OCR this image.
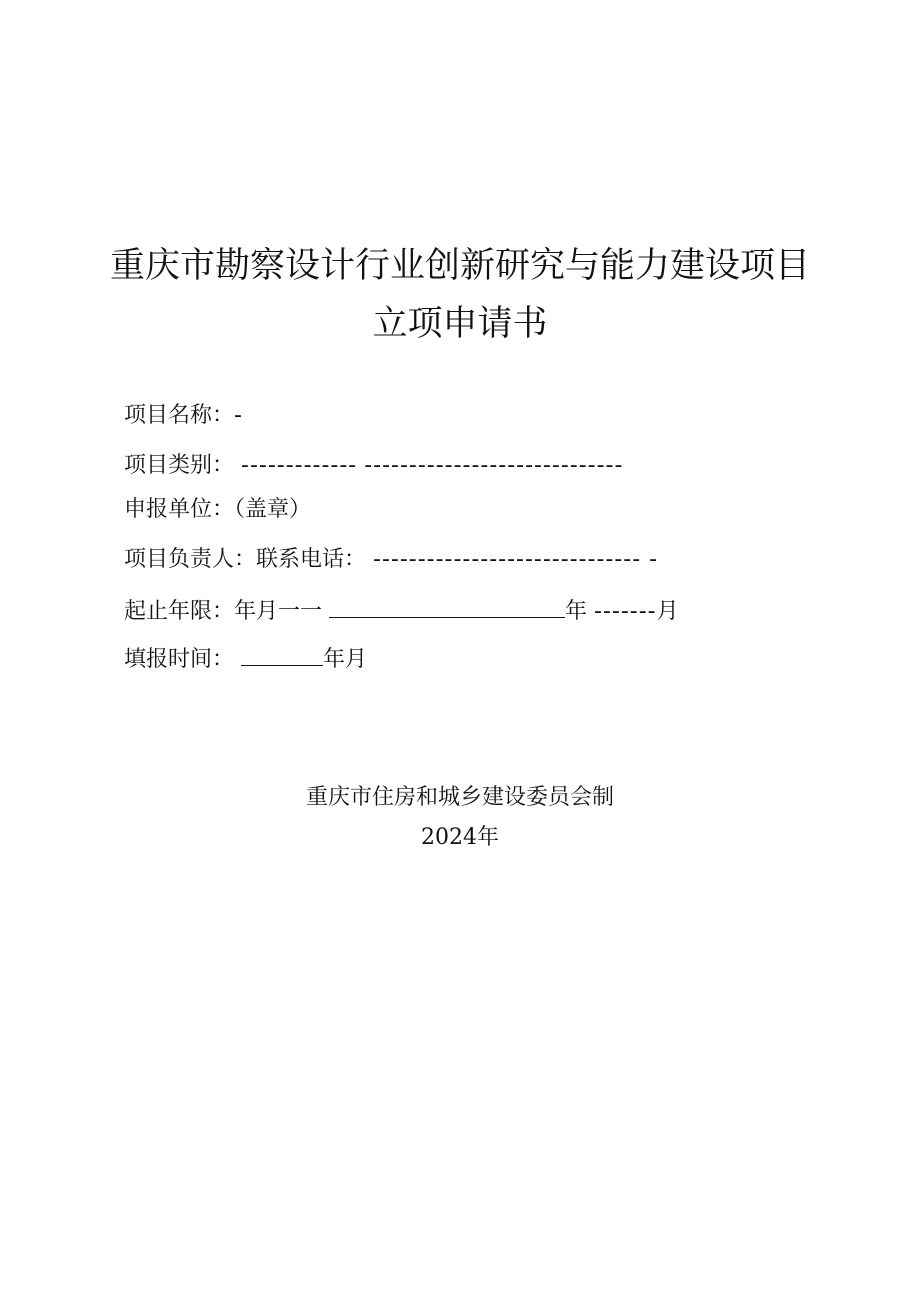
重庆市勘察设计行业创新研究与能力建设项目
立项申请书
项目名称：-
项目类别： ------------- -----------------------------
申报单位：（盖章）
项目负责人：联系电话： ------------------------------ -
起止年限：年月一一	年 -------月
填报时间：	年月
重庆市住房和城乡建设委员会制
2024年
